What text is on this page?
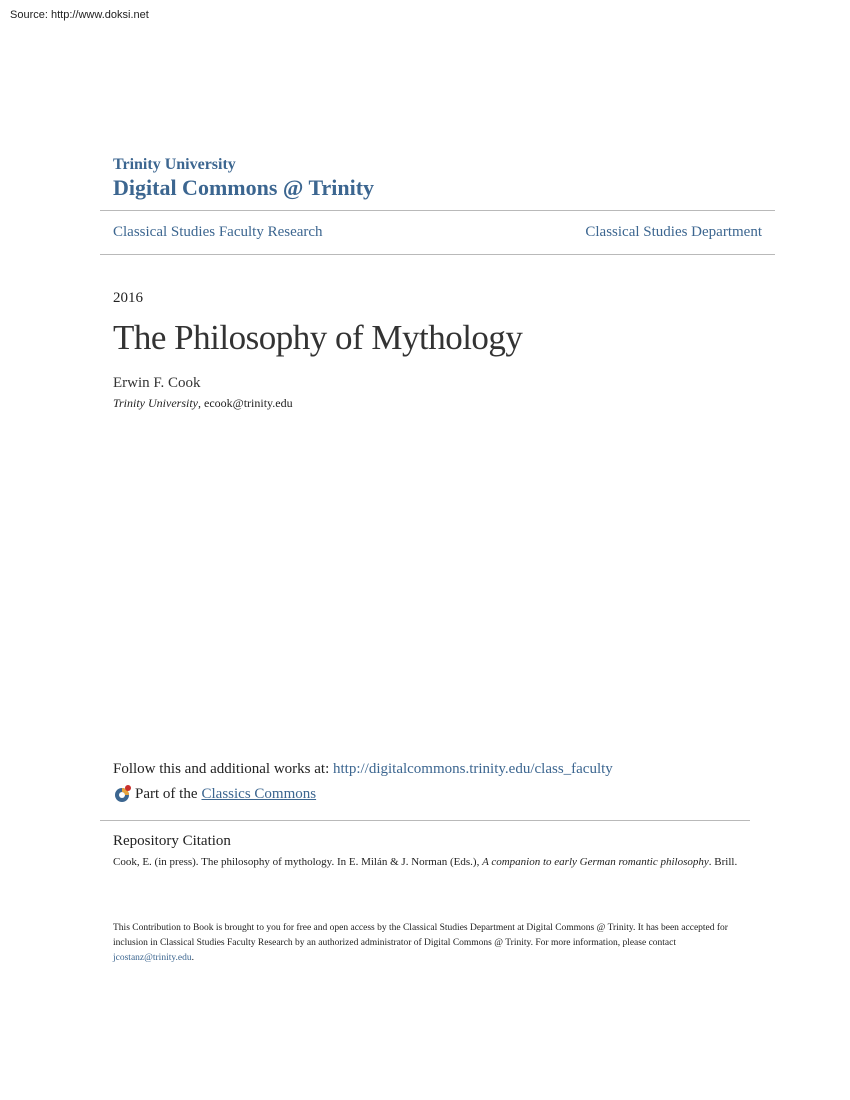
Source: http://www.doksi.net
Trinity University
Digital Commons @ Trinity
Classical Studies Faculty Research	Classical Studies Department
2016
The Philosophy of Mythology
Erwin F. Cook
Trinity University, ecook@trinity.edu
Follow this and additional works at: http://digitalcommons.trinity.edu/class_faculty
Part of the Classics Commons
Repository Citation
Cook, E. (in press). The philosophy of mythology. In E. Milán & J. Norman (Eds.), A companion to early German romantic philosophy. Brill.
This Contribution to Book is brought to you for free and open access by the Classical Studies Department at Digital Commons @ Trinity. It has been accepted for inclusion in Classical Studies Faculty Research by an authorized administrator of Digital Commons @ Trinity. For more information, please contact jcostanz@trinity.edu.
